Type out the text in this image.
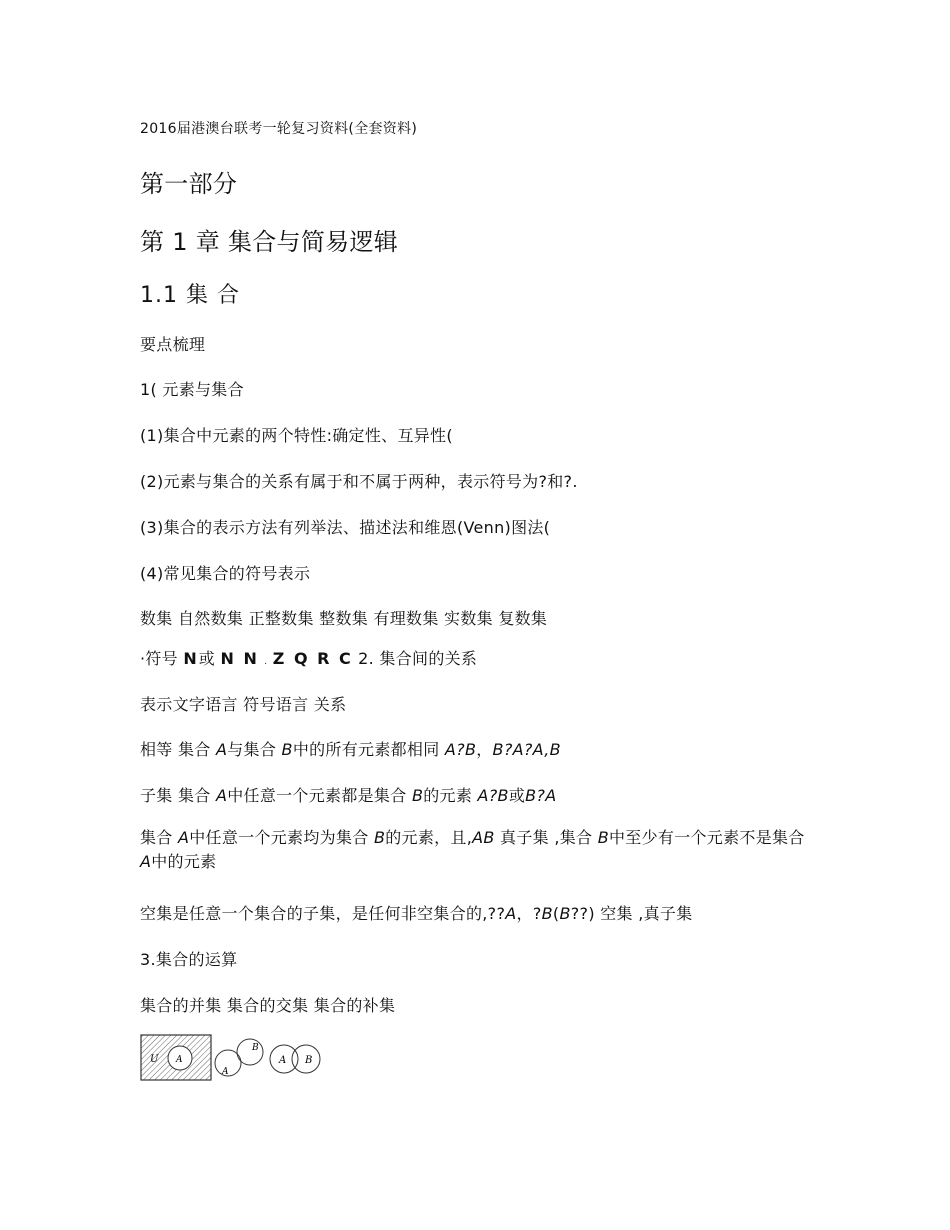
2016届港澳台联考一轮复习资料(全套资料)
第一部分
第 1 章 集合与简易逻辑
1.1 集 合
要点梳理
1( 元素与集合
(1)集合中元素的两个特性:确定性、互异性(
(2)元素与集合的关系有属于和不属于两种，表示符号为?和?.
(3)集合的表示方法有列举法、描述法和维恩(Venn)图法(
(4)常见集合的符号表示
数集 自然数集 正整数集 整数集 有理数集 实数集 复数集
·符号 N或 N N . Z Q R C 2. 集合间的关系
表示文字语言 符号语言 关系
相等 集合 A与集合 B中的所有元素都相同 A?B，B?A?A,B
子集 集合 A中任意一个元素都是集合 B的元素 A?B或B?A
集合 A中任意一个元素均为集合 B的元素，且,AB 真子集 ,集合 B中至少有一个元素不是集合 A中的元素
空集是任意一个集合的子集，是任何非空集合的,??A，?B(B??) 空集 ,真子集
3.集合的运算
集合的并集 集合的交集 集合的补集
U A
A
B
A B
